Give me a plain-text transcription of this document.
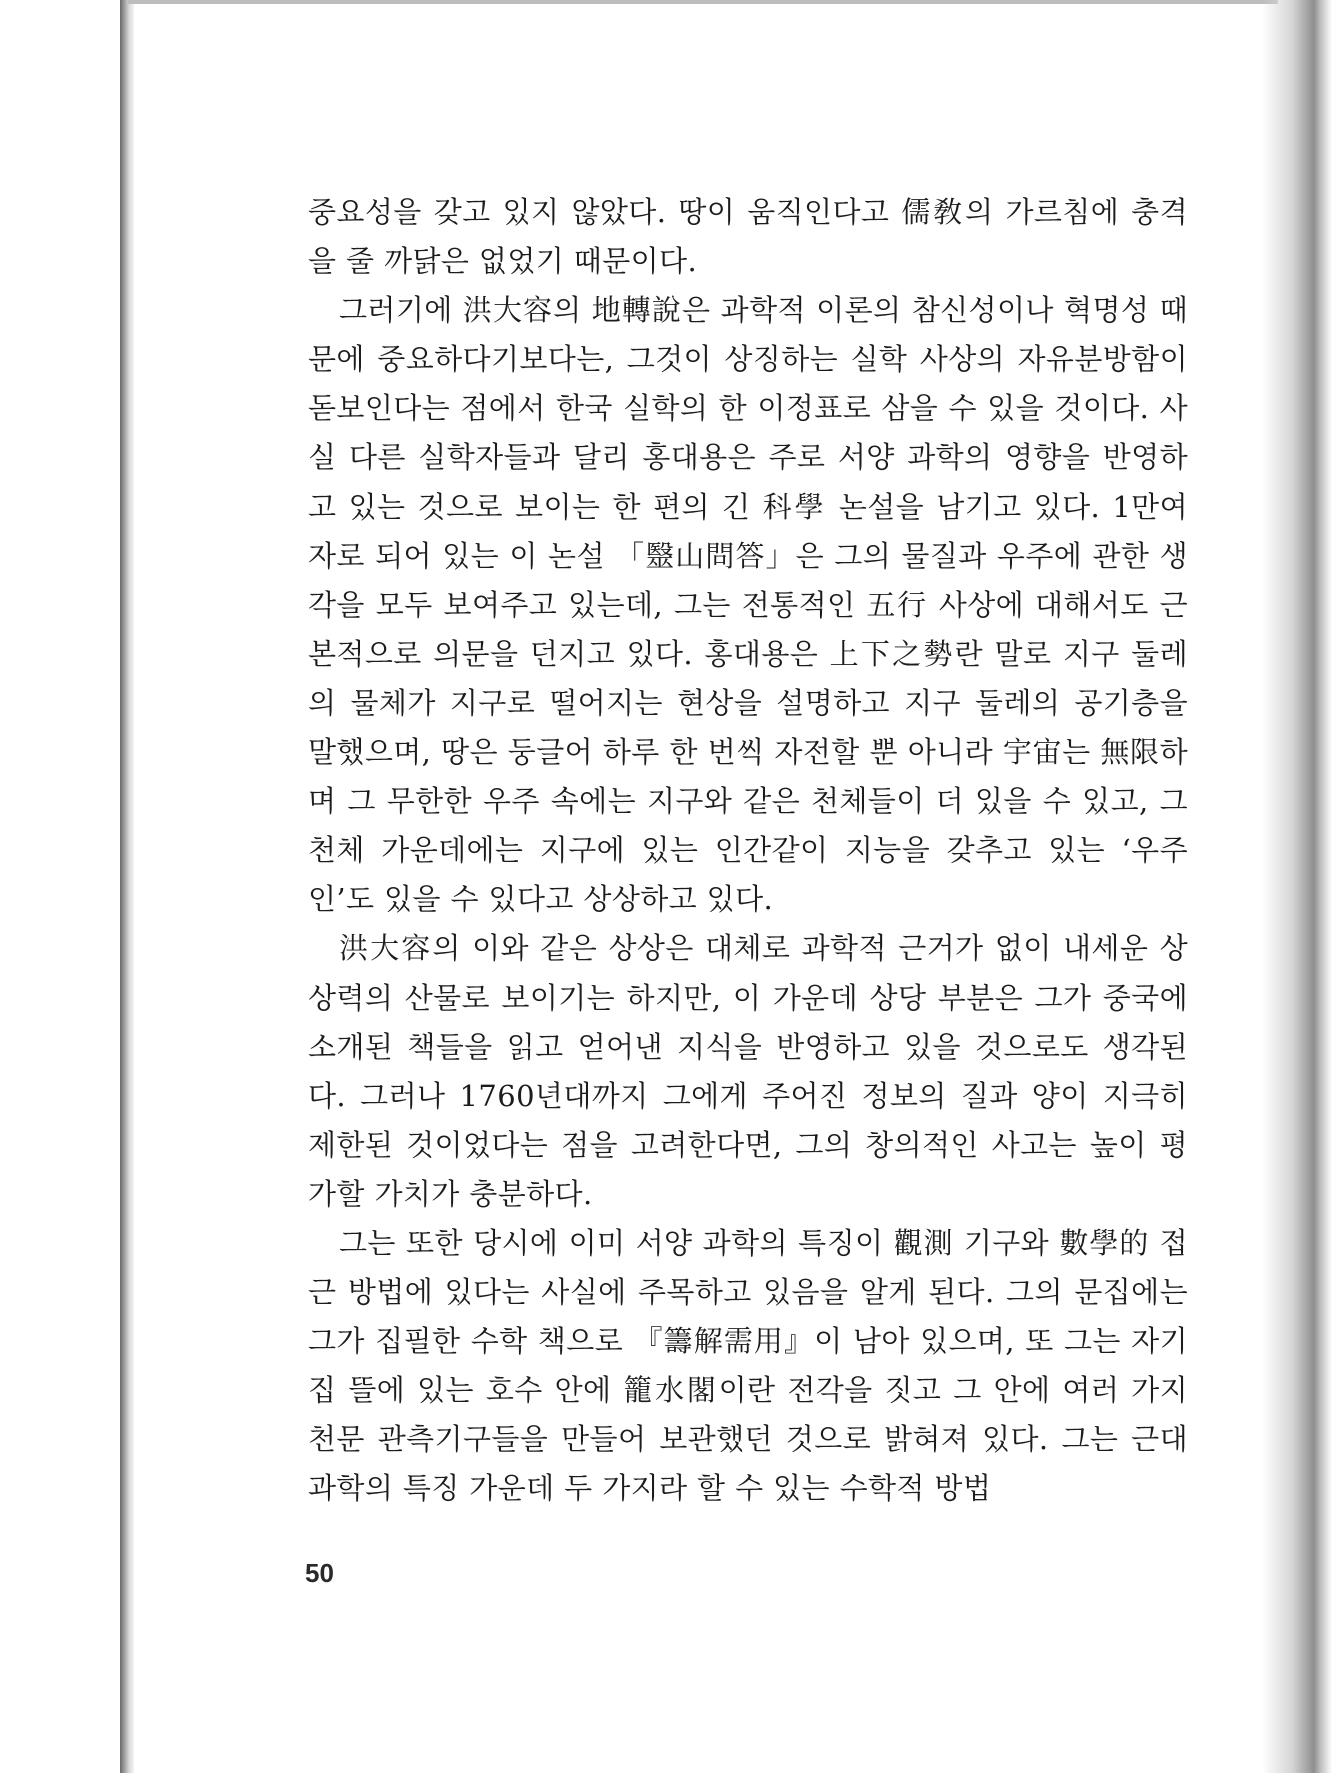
중요성을 갖고 있지 않았다. 땅이 움직인다고 儒敎의 가르침에 충격을 줄 까닭은 없었기 때문이다.

그러기에 洪大容의 地轉說은 과학적 이론의 참신성이나 혁명성 때문에 중요하다기보다는, 그것이 상징하는 실학 사상의 자유분방함이 돋보인다는 점에서 한국 실학의 한 이정표로 삼을 수 있을 것이다. 사실 다른 실학자들과 달리 홍대용은 주로 서양 과학의 영향을 반영하고 있는 것으로 보이는 한 편의 긴 科學 논설을 남기고 있다. 1만여 자로 되어 있는 이 논설 「毉山問答」은 그의 물질과 우주에 관한 생각을 모두 보여주고 있는데, 그는 전통적인 五行 사상에 대해서도 근본적으로 의문을 던지고 있다. 홍대용은 上下之勢란 말로 지구 둘레의 물체가 지구로 떨어지는 현상을 설명하고 지구 둘레의 공기층을 말했으며, 땅은 둥글어 하루 한 번씩 자전할 뿐 아니라 宇宙는 無限하며 그 무한한 우주 속에는 지구와 같은 천체들이 더 있을 수 있고, 그 천체 가운데에는 지구에 있는 인간같이 지능을 갖추고 있는 ‘우주인’도 있을 수 있다고 상상하고 있다.

洪大容의 이와 같은 상상은 대체로 과학적 근거가 없이 내세운 상상력의 산물로 보이기는 하지만, 이 가운데 상당 부분은 그가 중국에 소개된 책들을 읽고 얻어낸 지식을 반영하고 있을 것으로도 생각된다. 그러나 1760년대까지 그에게 주어진 정보의 질과 양이 지극히 제한된 것이었다는 점을 고려한다면, 그의 창의적인 사고는 높이 평가할 가치가 충분하다.

그는 또한 당시에 이미 서양 과학의 특징이 觀測 기구와 數學的 접근 방법에 있다는 사실에 주목하고 있음을 알게 된다. 그의 문집에는 그가 집필한 수학 책으로 『籌解需用』이 남아 있으며, 또 그는 자기 집 뜰에 있는 호수 안에 籠水閣이란 전각을 짓고 그 안에 여러 가지 천문 관측기구들을 만들어 보관했던 것으로 밝혀져 있다. 그는 근대 과학의 특징 가운데 두 가지라 할 수 있는 수학적 방법

50
